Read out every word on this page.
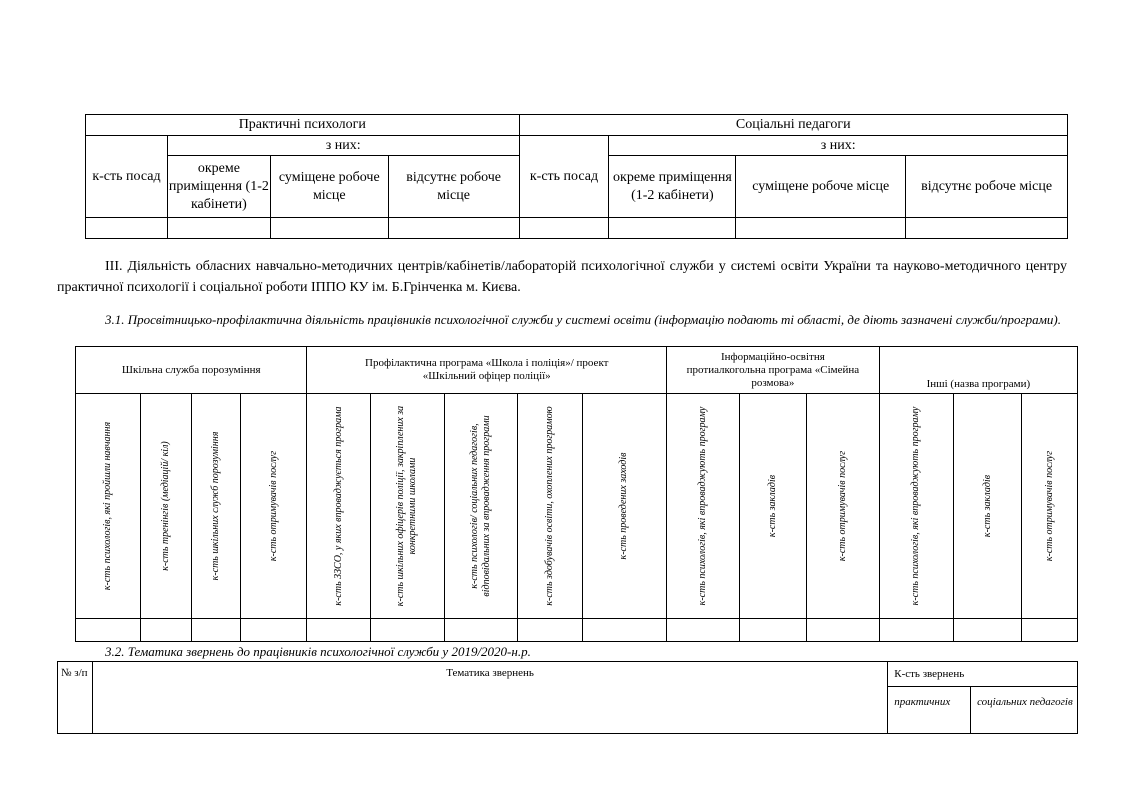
Практичні психологи				Соціальні педагоги			
к-сть посад	з них:			к-сть посад	з них:		
	окреме приміщення (1-2 кабінети)	суміщене робоче місце	відсутнє робоче місце		окреме приміщення (1-2 кабінети)	суміщене робоче місце	відсутнє робоче місце

ІІІ. Діяльність обласних навчально-методичних центрів/кабінетів/лабораторій психологічної служби у системі освіти України та науково-методичного центру практичної психології і соціальної роботи ІППО КУ ім. Б.Грінченка м. Києва.
3.1. Просвітницько-профілактична діяльність працівників психологічної служби у системі освіти (інформацію подають ті області, де діють зазначені служби/програми).
Шкільна служба порозуміння				Профілактична програма «Школа і поліція»/ проект «Шкільний офіцер поліції»					Інформаційно-освітня протиалкогольна програма «Сімейна розмова»			Інші (назва програми)		

к-сть психологів, які пройшли навчання	к-сть тренінгів (медіацій/ кіл)	к-сть шкільних служб порозуміння	к-сть отримувачів послуг	к-сть ЗЗСО, у яких впроваджується програма	к-сть шкільних офіцерів поліції, закріплених за конкретними школами	к-сть психологів/ соціальних педагогів, відповідальних за впровадження програми	к-сть здобувачів освіти, охоплених програмою	к-сть проведених заходів	к-сть психологів, які впроваджують програму	к-сть закладів	к-сть отримувачів послуг	к-сть психологів, які впроваджують програму	к-сть закладів	к-сть отримувачів послуг

3.2. Тематика звернень до працівників психологічної служби у 2019/2020-н.р.
№ з/п	Тематика звернень	К-сть звернень	
		практичних	соціальних педагогів
